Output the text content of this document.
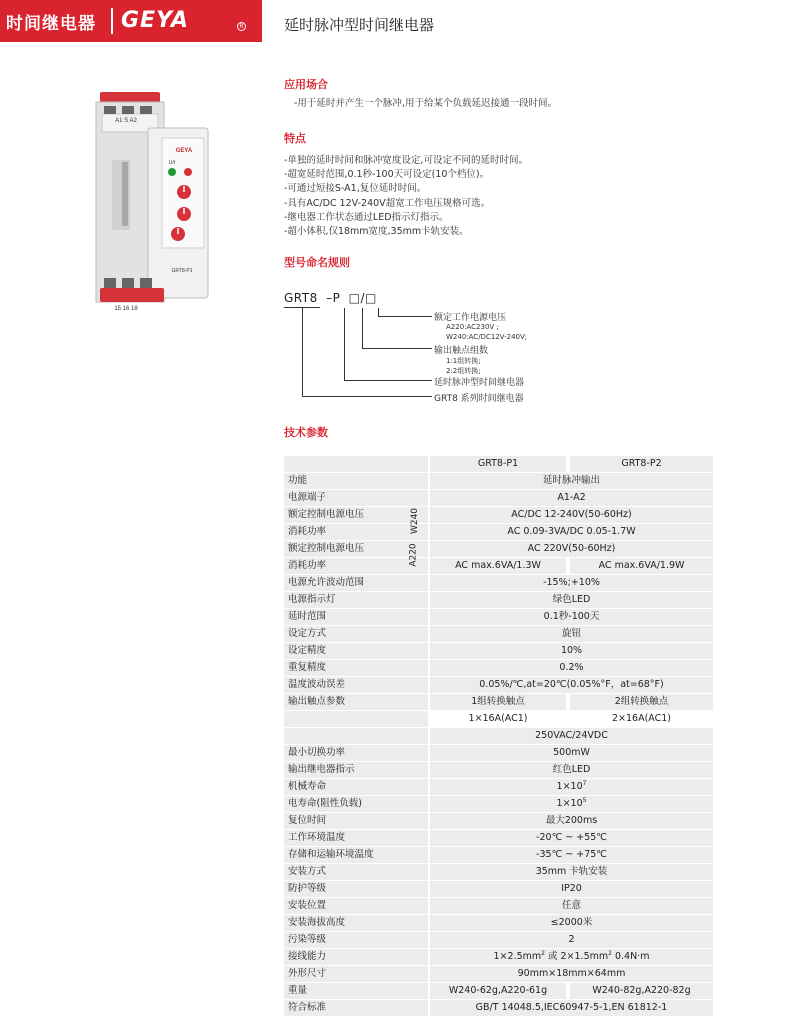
时间继电器 GEYA	R	延时脉冲型时间继电器
A1 S A2
15 16 18
GRT8-P1
U/t
GEYA
应用场合
-用于延时并产生一个脉冲,用于给某个负载延迟接通一段时间。
特点
-单独的延时时间和脉冲宽度设定,可设定不同的延时时间。
-超宽延时范围,0.1秒-100天可设定(10个档位)。
-可通过短接S-A1,复位延时时间。
-具有AC/DC 12V-240V超宽工作电压规格可选。
-继电器工作状态通过LED指示灯指示。
-超小体积,仅18mm宽度,35mm卡轨安装。
型号命名规则
GRT8 –P □/□
额定工作电源电压
A220:AC230V ;
W240:AC/DC12V-240V;
输出触点组数
1:1组转换;
2:2组转换;
延时脉冲型时间继电器
GRT8 系列时间继电器
技术参数
GRT8-P1	GRT8-P2
功能	延时脉冲输出
电源端子	A1-A2
额定控制电源电压	AC/DC 12-240V(50-60Hz)
消耗功率	AC 0.09-3VA/DC 0.05-1.7W
额定控制电源电压	AC 220V(50-60Hz)
消耗功率	AC max.6VA/1.3W	AC max.6VA/1.9W
W240
A220
电源允许波动范围	-15%;+10%
电源指示灯	绿色LED
延时范围	0.1秒-100天
设定方式	旋钮
设定精度	10%
重复精度	0.2%
温度波动误差	0.05%/℃,at=20℃(0.05%°F，at=68°F)
输出触点参数	1组转换触点	2组转换触点
1×16A(AC1)	2×16A(AC1)
250VAC/24VDC
最小切换功率	500mW
输出继电器指示	红色LED
机械寿命	$1\times 10^7$
电寿命(阻性负载)	$1\times 10^5$
复位时间	最大200ms
工作环境温度	-20℃ ~ +55℃
存储和运输环境温度	-35℃ ~ +75℃
安装方式	35mm 卡轨安装
防护等级	IP20
安装位置	任意
安装海拔高度	≤2000米
污染等级	2
接线能力	$1\times 2.5mm^2$ 或 $2\times 1.5mm^2$ 0.4N·m
外形尺寸	90mm×18mm×64mm
重量	W240-62g,A220-61g	W240-82g,A220-82g
符合标准	GB/T 14048.5,IEC60947-5-1,EN 61812-1
